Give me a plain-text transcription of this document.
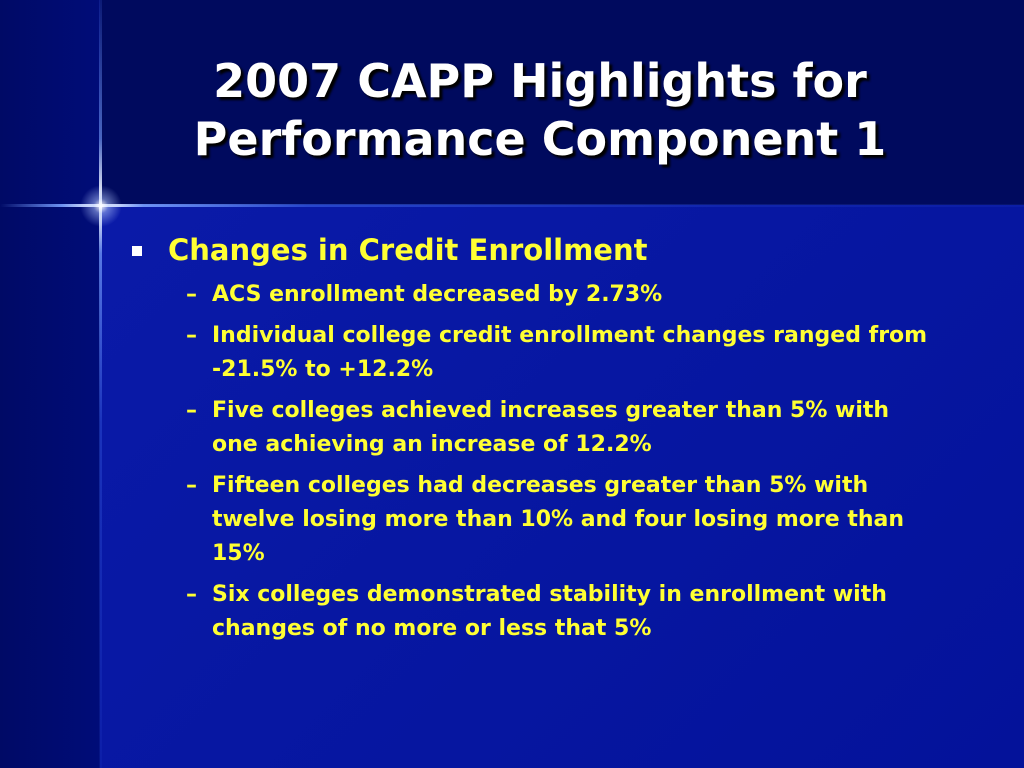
2007 CAPP Highlights for
Performance Component 1
Changes in Credit Enrollment
– ACS enrollment decreased by 2.73%
– Individual college credit enrollment changes ranged from -21.5% to +12.2%
– Five colleges achieved increases greater than 5% with one achieving an increase of 12.2%
– Fifteen colleges had decreases greater than 5% with twelve losing more than 10% and four losing more than 15%
– Six colleges demonstrated stability in enrollment with changes of no more or less that 5%
